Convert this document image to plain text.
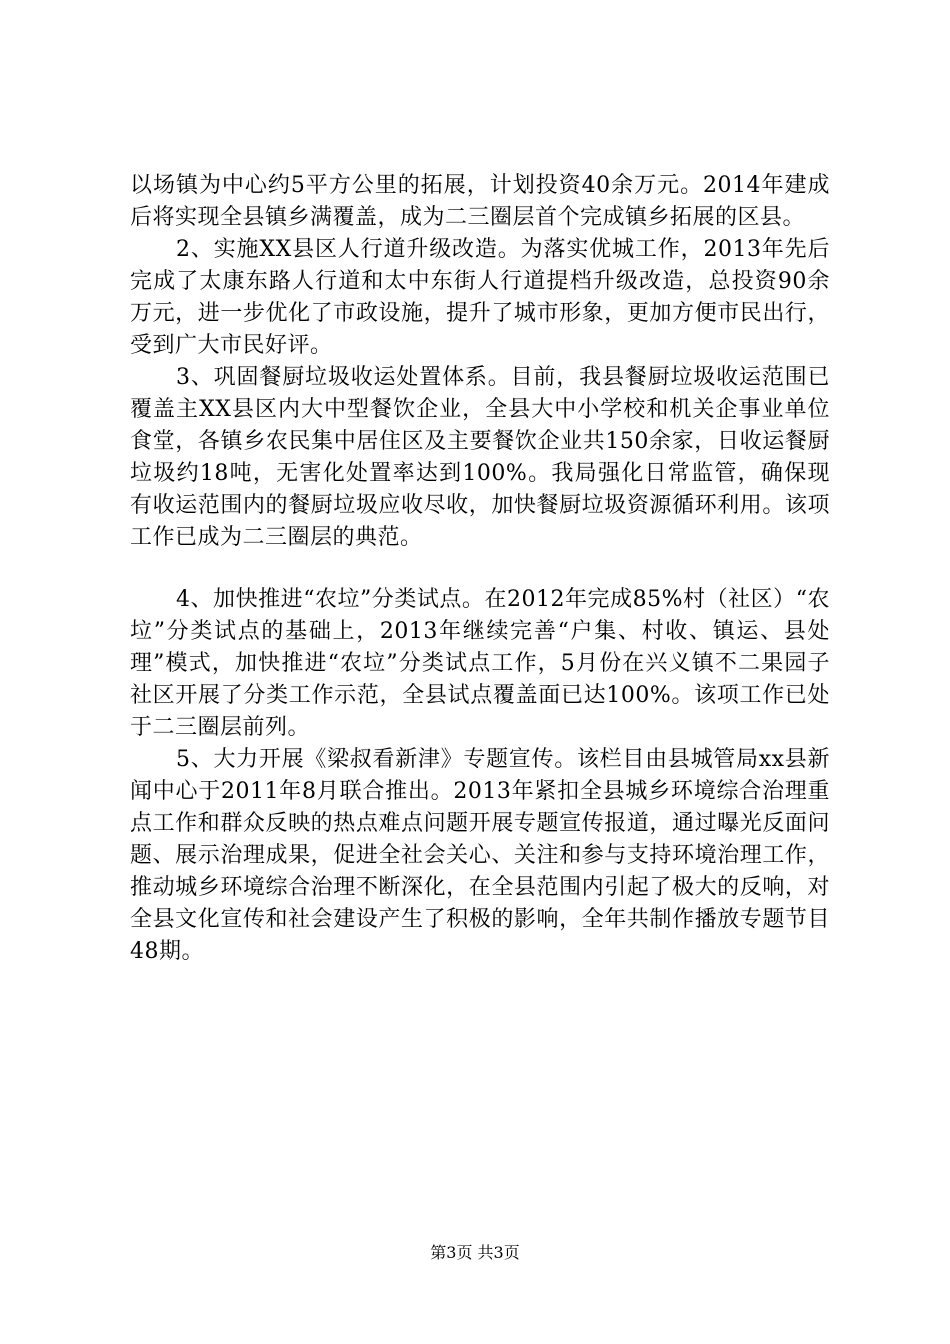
以场镇为中心约5平方公里的拓展，计划投资40余万元。2014年建成后将实现全县镇乡满覆盖，成为二三圈层首个完成镇乡拓展的区县。

2、实施XX县区人行道升级改造。为落实优城工作，2013年先后完成了太康东路人行道和太中东街人行道提档升级改造，总投资90余万元，进一步优化了市政设施，提升了城市形象，更加方便市民出行，受到广大市民好评。

3、巩固餐厨垃圾收运处置体系。目前，我县餐厨垃圾收运范围已覆盖主XX县区内大中型餐饮企业，全县大中小学校和机关企事业单位食堂，各镇乡农民集中居住区及主要餐饮企业共150余家，日收运餐厨垃圾约18吨，无害化处置率达到100%。我局强化日常监管，确保现有收运范围内的餐厨垃圾应收尽收，加快餐厨垃圾资源循环利用。该项工作已成为二三圈层的典范。

4、加快推进“农垃”分类试点。在2012年完成85%村（社区）“农垃”分类试点的基础上，2013年继续完善“户集、村收、镇运、县处理”模式，加快推进“农垃”分类试点工作，5月份在兴义镇不二果园子社区开展了分类工作示范，全县试点覆盖面已达100%。该项工作已处于二三圈层前列。

5、大力开展《梁叔看新津》专题宣传。该栏目由县城管局xx县新闻中心于2011年8月联合推出。2013年紧扣全县城乡环境综合治理重点工作和群众反映的热点难点问题开展专题宣传报道，通过曝光反面问题、展示治理成果，促进全社会关心、关注和参与支持环境治理工作，推动城乡环境综合治理不断深化，在全县范围内引起了极大的反响，对全县文化宣传和社会建设产生了积极的影响，全年共制作播放专题节目48期。

第3页 共3页
